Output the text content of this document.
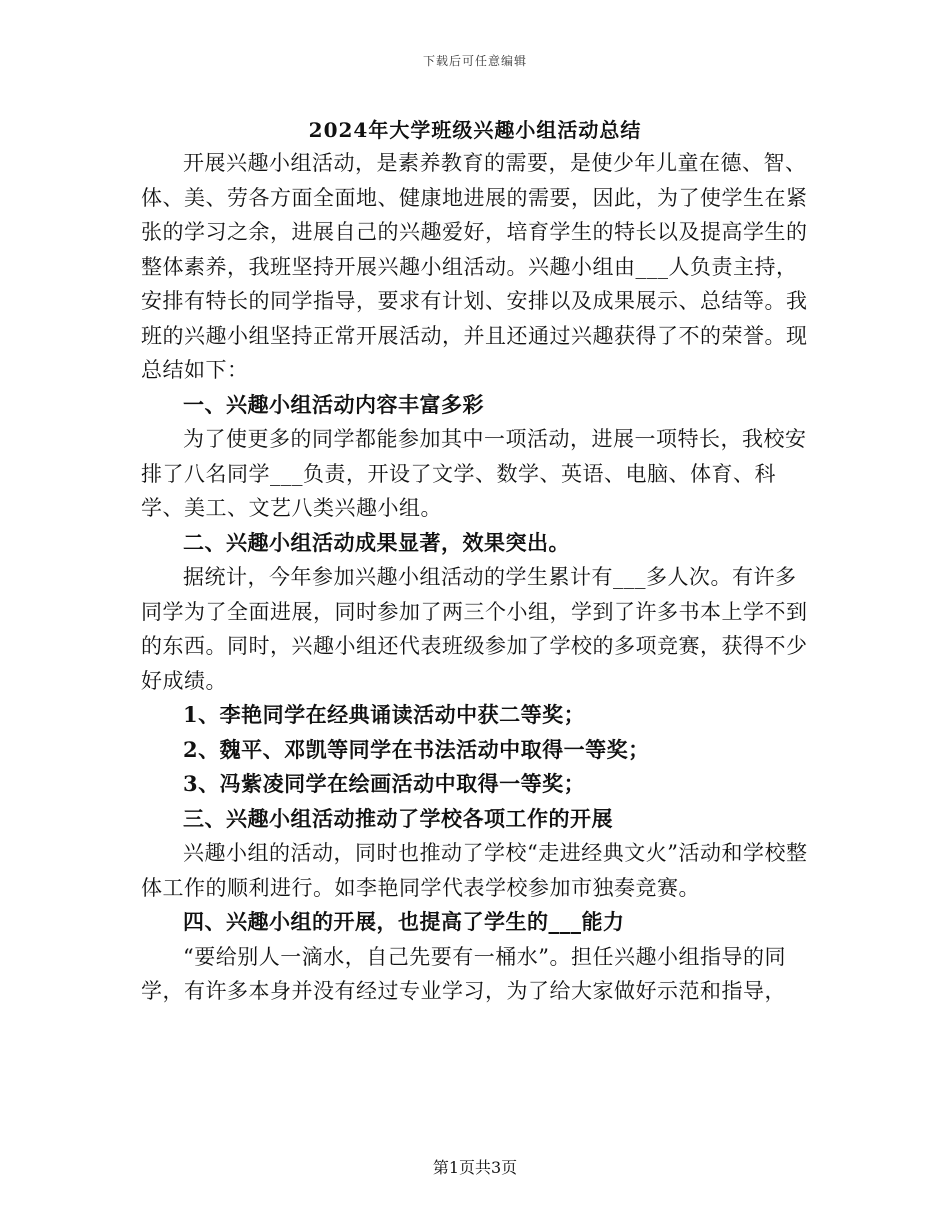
下载后可任意编辑
2024年大学班级兴趣小组活动总结

开展兴趣小组活动，是素养教育的需要，是使少年儿童在德、智、体、美、劳各方面全面地、健康地进展的需要，因此，为了使学生在紧张的学习之余，进展自己的兴趣爱好，培育学生的特长以及提高学生的整体素养，我班坚持开展兴趣小组活动。兴趣小组由___人负责主持，安排有特长的同学指导，要求有计划、安排以及成果展示、总结等。我班的兴趣小组坚持正常开展活动，并且还通过兴趣获得了不的荣誉。现总结如下：

一、兴趣小组活动内容丰富多彩

为了使更多的同学都能参加其中一项活动，进展一项特长，我校安排了八名同学___负责，开设了文学、数学、英语、电脑、体育、科学、美工、文艺八类兴趣小组。

二、兴趣小组活动成果显著，效果突出。

据统计，今年参加兴趣小组活动的学生累计有___多人次。有许多同学为了全面进展，同时参加了两三个小组，学到了许多书本上学不到的东西。同时，兴趣小组还代表班级参加了学校的多项竞赛，获得不少好成绩。

1、李艳同学在经典诵读活动中获二等奖；

2、魏平、邓凯等同学在书法活动中取得一等奖；

3、冯紫凌同学在绘画活动中取得一等奖；

三、兴趣小组活动推动了学校各项工作的开展

兴趣小组的活动，同时也推动了学校“走进经典文火”活动和学校整体工作的顺利进行。如李艳同学代表学校参加市独奏竞赛。

四、兴趣小组的开展，也提高了学生的___能力

“要给别人一滴水，自己先要有一桶水”。担任兴趣小组指导的同学，有许多本身并没有经过专业学习，为了给大家做好示范和指导，

第1页共3页
